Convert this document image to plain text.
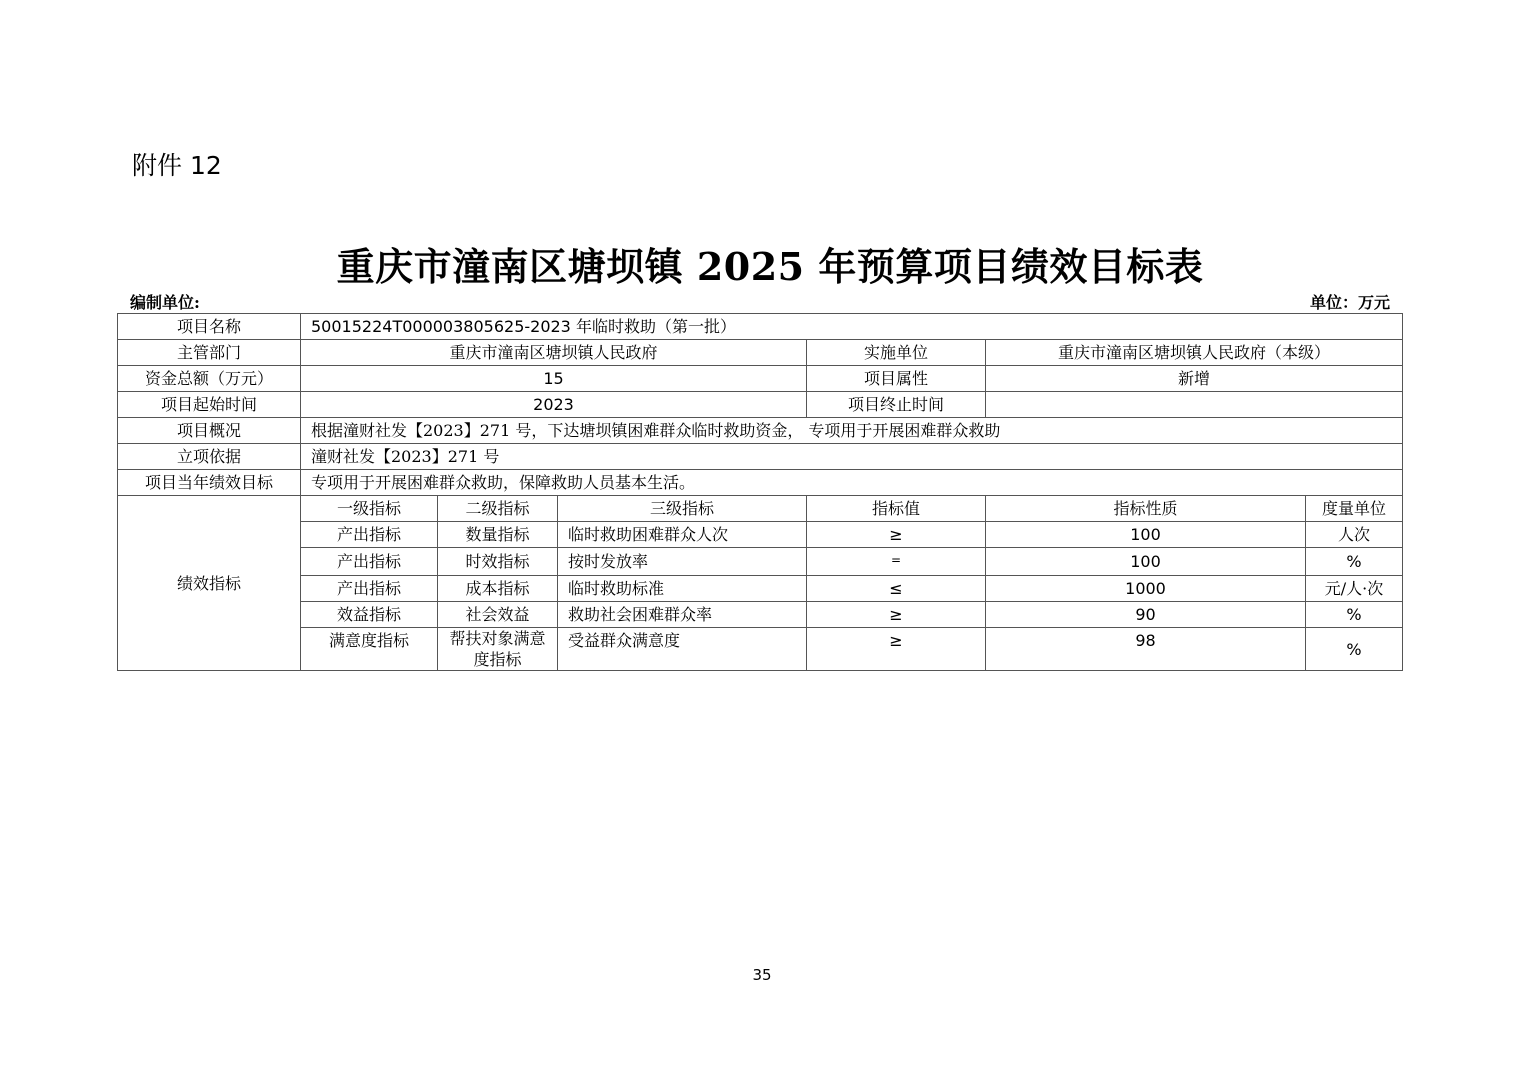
附件 12
重庆市潼南区塘坝镇 2025 年预算项目绩效目标表
编制单位:	单位：万元
项目名称	50015224T000003805625-2023 年临时救助（第一批）					
主管部门	重庆市潼南区塘坝镇人民政府			实施单位	重庆市潼南区塘坝镇人民政府（本级）	
资金总额（万元）	15			项目属性	新增	
项目起始时间	2023			项目终止时间		
项目概况	根据潼财社发【2023】271 号，下达塘坝镇困难群众临时救助资金， 专项用于开展困难群众救助					
立项依据	潼财社发【2023】271 号					
项目当年绩效目标	专项用于开展困难群众救助，保障救助人员基本生活。					
绩效指标	一级指标	二级指标	三级指标	指标值	指标性质	度量单位
	产出指标	数量指标	临时救助困难群众人次	≥	100	人次
	产出指标	时效指标	按时发放率	=	100	%
	产出指标	成本指标	临时救助标准	≤	1000	元/人·次
	效益指标	社会效益	救助社会困难群众率	≥	90	%
	满意度指标	帮扶对象满意度指标	受益群众满意度	≥	98	%
35
